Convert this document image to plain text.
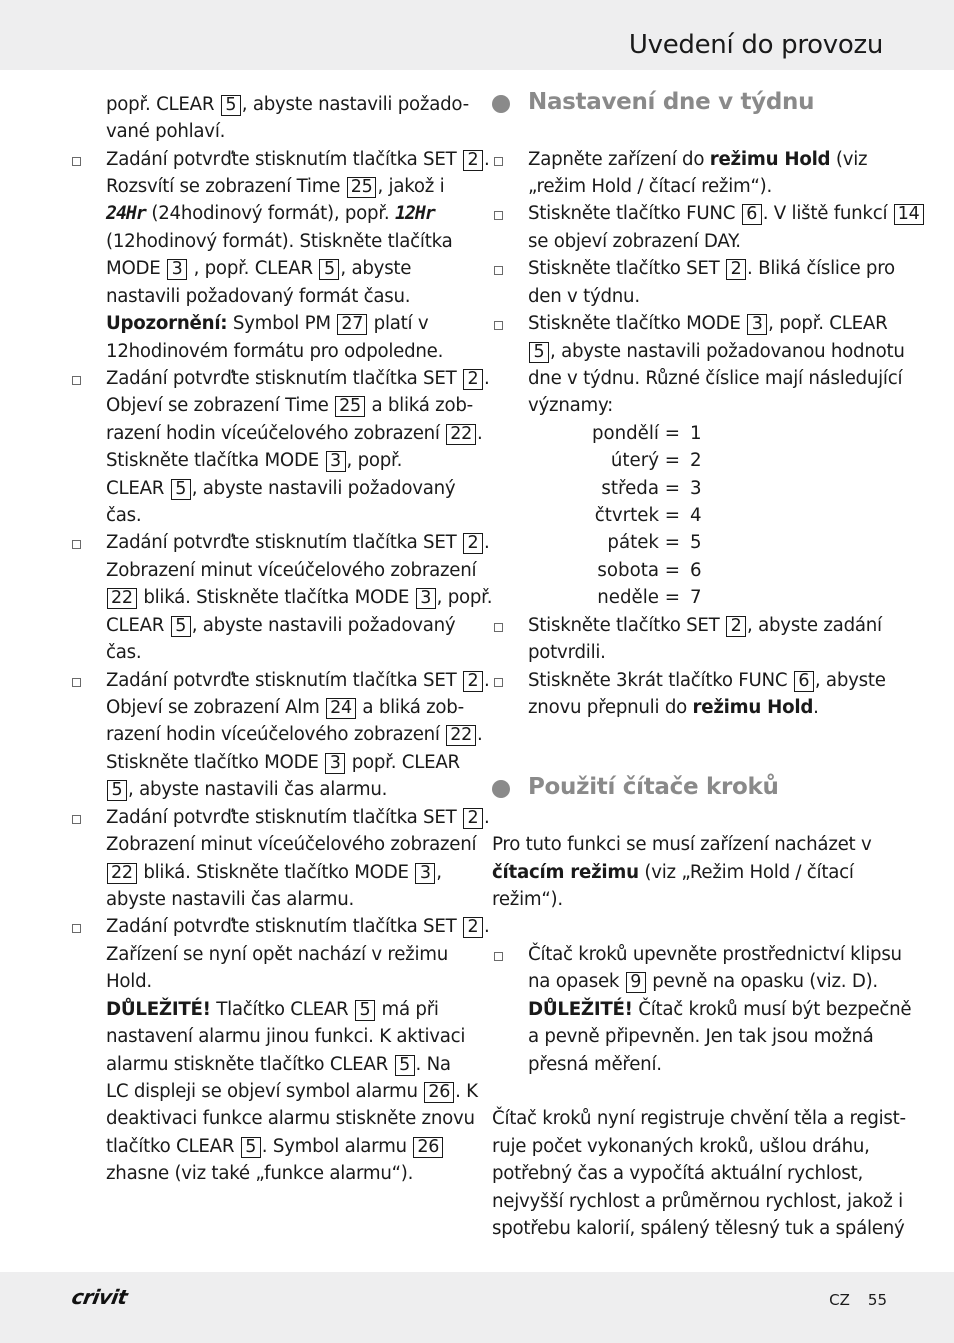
Uvedení do provozu
popř. CLEAR 5 , abyste nastavili požado-
vané pohlaví.
Zadání potvrďte stisknutím tlačítka SET 2 .
Rozsvítí se zobrazení Time 25 , jakož i
24Hr (24hodinový formát), popř. 12Hr
(12hodinový formát). Stiskněte tlačítka
MODE 3 , popř. CLEAR 5 , abyste
nastavili požadovaný formát času.
Upozornění: Symbol PM 27 platí v
12hodinovém formátu pro odpoledne.
Zadání potvrďte stisknutím tlačítka SET 2 .
Objeví se zobrazení Time 25 a bliká zob-
razení hodin víceúčelového zobrazení 22 .
Stiskněte tlačítka MODE 3 , popř.
CLEAR 5 , abyste nastavili požadovaný
čas.
Zadání potvrďte stisknutím tlačítka SET 2 .
Zobrazení minut víceúčelového zobrazení
22 bliká. Stiskněte tlačítka MODE 3 , popř.
CLEAR 5 , abyste nastavili požadovaný
čas.
Zadání potvrďte stisknutím tlačítka SET 2 .
Objeví se zobrazení Alm 24 a bliká zob-
razení hodin víceúčelového zobrazení 22 .
Stiskněte tlačítko MODE 3 popř. CLEAR
5 , abyste nastavili čas alarmu.
Zadání potvrďte stisknutím tlačítka SET 2 .
Zobrazení minut víceúčelového zobrazení
22 bliká. Stiskněte tlačítko MODE 3 ,
abyste nastavili čas alarmu.
Zadání potvrďte stisknutím tlačítka SET 2 .
Zařízení se nyní opět nachází v režimu
Hold.
DŮLEŽITÉ! Tlačítko CLEAR 5 má při
nastavení alarmu jinou funkci. K aktivaci
alarmu stiskněte tlačítko CLEAR 5 . Na
LC displeji se objeví symbol alarmu 26 . K
deaktivaci funkce alarmu stiskněte znovu
tlačítko CLEAR 5 . Symbol alarmu 26
zhasne (viz také „funkce alarmu“).
Nastavení dne v týdnu
Zapněte zařízení do režimu Hold (viz
„režim Hold / čítací režim“).
Stiskněte tlačítko FUNC 6 . V liště funkcí 14
se objeví zobrazení DAY.
Stiskněte tlačítko SET 2 . Bliká číslice pro
den v týdnu.
Stiskněte tlačítko MODE 3 , popř. CLEAR
5 , abyste nastavili požadovanou hodnotu
dne v týdnu. Různé číslice mají následující
významy:
pondělí = 1
úterý = 2
středa = 3
čtvrtek = 4
pátek = 5
sobota = 6
neděle = 7
Stiskněte tlačítko SET 2 , abyste zadání
potvrdili.
Stiskněte 3krát tlačítko FUNC 6 , abyste
znovu přepnuli do režimu Hold.
Použití čítače kroků
Pro tuto funkci se musí zařízení nacházet v
čítacím režimu (viz „Režim Hold / čítací
režim“).
Čítač kroků upevněte prostřednictví klipsu
na opasek 9 pevně na opasku (viz. D).
DŮLEŽITÉ! Čítač kroků musí být bezpečně
a pevně připevněn. Jen tak jsou možná
přesná měření.
Čítač kroků nyní registruje chvění těla a regist-
ruje počet vykonaných kroků, ušlou dráhu,
potřebný čas a vypočítá aktuální rychlost,
nejvyšší rychlost a průměrnou rychlost, jakož i
spotřebu kalorií, spálený tělesný tuk a spálený
crivit	CZ 55
